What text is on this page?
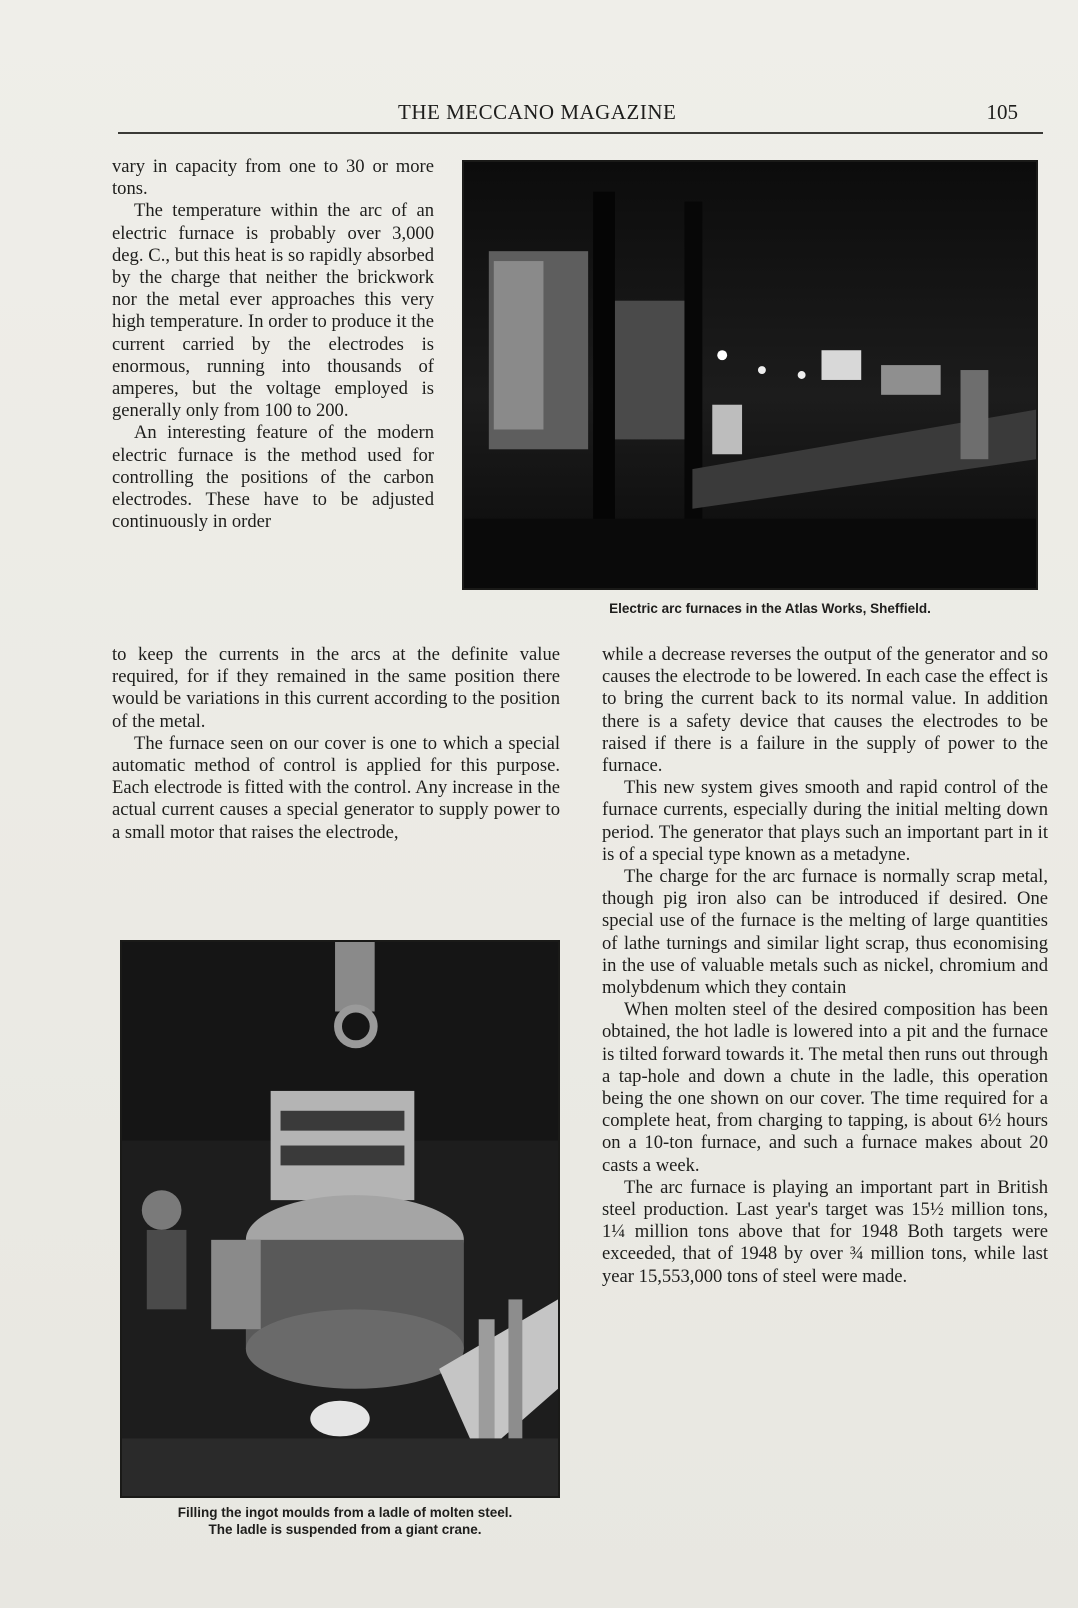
THE MECCANO MAGAZINE	105
Electric arc furnaces in the Atlas Works, Sheffield.

vary in capacity from one to 30 or more tons.

The temperature within the arc of an electric furnace is probably over 3,000 deg. C., but this heat is so rapidly absorbed by the charge that neither the brickwork nor the metal ever approaches this very high temperature. In order to produce it the current carried by the electrodes is enormous, running into thousands of amperes, but the voltage employed is generally only from 100 to 200.

An interesting feature of the modern electric furnace is the method used for controlling the positions of the carbon electrodes. These have to be adjusted continuously in order

to keep the currents in the arcs at the definite value required, for if they remained in the same position there would be variations in this current according to the position of the metal.

The furnace seen on our cover is one to which a special automatic method of control is applied for this purpose. Each electrode is fitted with the control. Any increase in the actual current causes a special generator to supply power to a small motor that raises the electrode,

Filling the ingot moulds from a ladle of molten steel.
The ladle is suspended from a giant crane.

while a decrease reverses the output of the generator and so causes the electrode to be lowered. In each case the effect is to bring the current back to its normal value. In addition there is a safety device that causes the electrodes to be raised if there is a failure in the supply of power to the furnace.

This new system gives smooth and rapid control of the furnace currents, especially during the initial melting down period. The generator that plays such an important part in it is of a special type known as a metadyne.

The charge for the arc furnace is normally scrap metal, though pig iron also can be introduced if desired. One special use of the furnace is the melting of large quantities of lathe turnings and similar light scrap, thus economising in the use of valuable metals such as nickel, chromium and molybdenum which they contain

When molten steel of the desired composition has been obtained, the hot ladle is lowered into a pit and the furnace is tilted forward towards it. The metal then runs out through a tap-hole and down a chute in the ladle, this operation being the one shown on our cover. The time required for a complete heat, from charging to tapping, is about 6½ hours on a 10-ton furnace, and such a furnace makes about 20 casts a week.

The arc furnace is playing an important part in British steel production. Last year's target was 15½ million tons, 1¼ million tons above that for 1948 Both targets were exceeded, that of 1948 by over ¾ million tons, while last year 15,553,000 tons of steel were made.
